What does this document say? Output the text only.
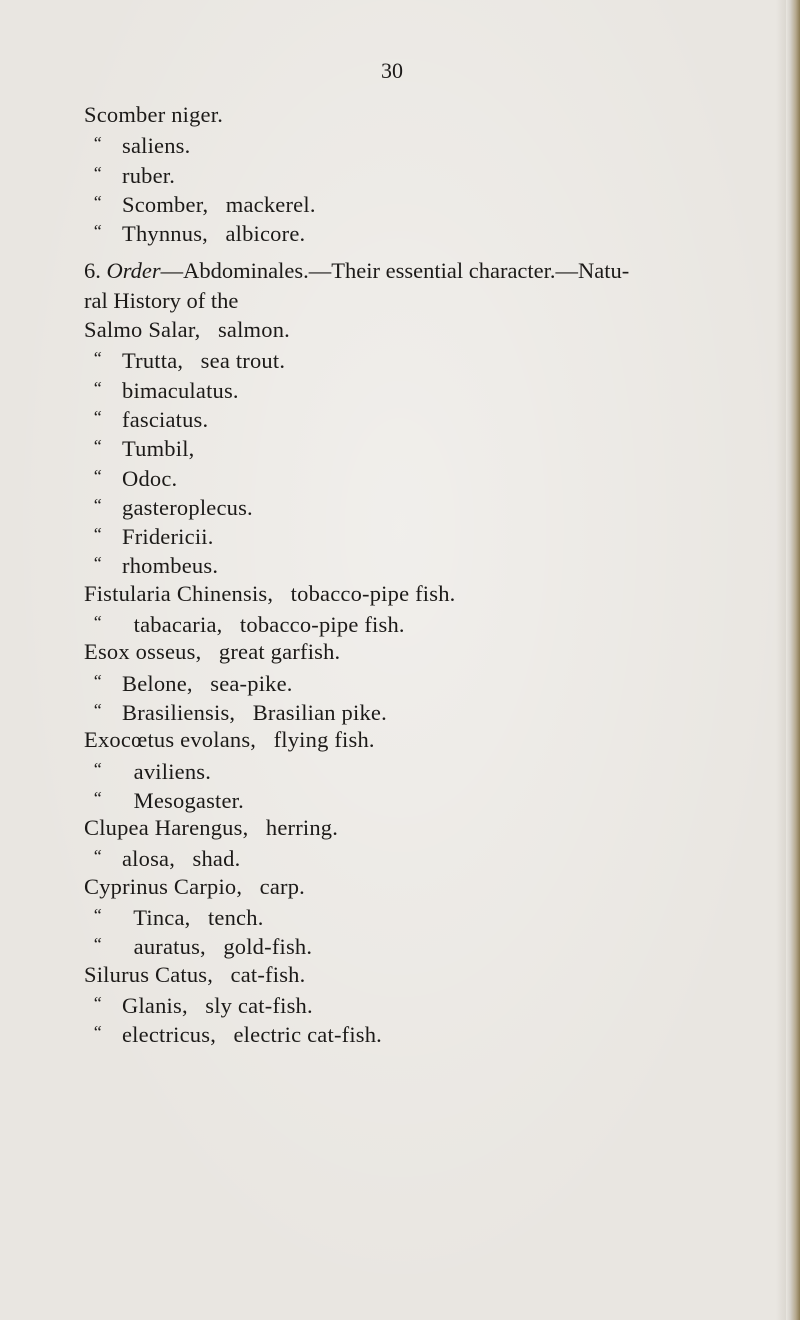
30
Scomber niger.
“ saliens.
“ ruber.
“ Scomber,   mackerel.
“ Thynnus,   albicore.
6. Order—Abdominales.—Their essential character.—Natu-
ral History of the
Salmo Salar,   salmon.
“ Trutta,   sea trout.
“ bimaculatus.
“ fasciatus.
“ Tumbil,
“ Odoc.
“ gasteroplecus.
“ Fridericii.
“ rhombeus.
Fistularia Chinensis,   tobacco-pipe fish.
“  tabacaria,   tobacco-pipe fish.
Esox osseus,   great garfish.
“ Belone,   sea-pike.
“ Brasiliensis,   Brasilian pike.
Exocœtus evolans,   flying fish.
“  aviliens.
“  Mesogaster.
Clupea Harengus,   herring.
“ alosa,   shad.
Cyprinus Carpio,   carp.
“  Tinca,   tench.
“  auratus,   gold-fish.
Silurus Catus,   cat-fish.
“ Glanis,   sly cat-fish.
“ electricus,   electric cat-fish.
